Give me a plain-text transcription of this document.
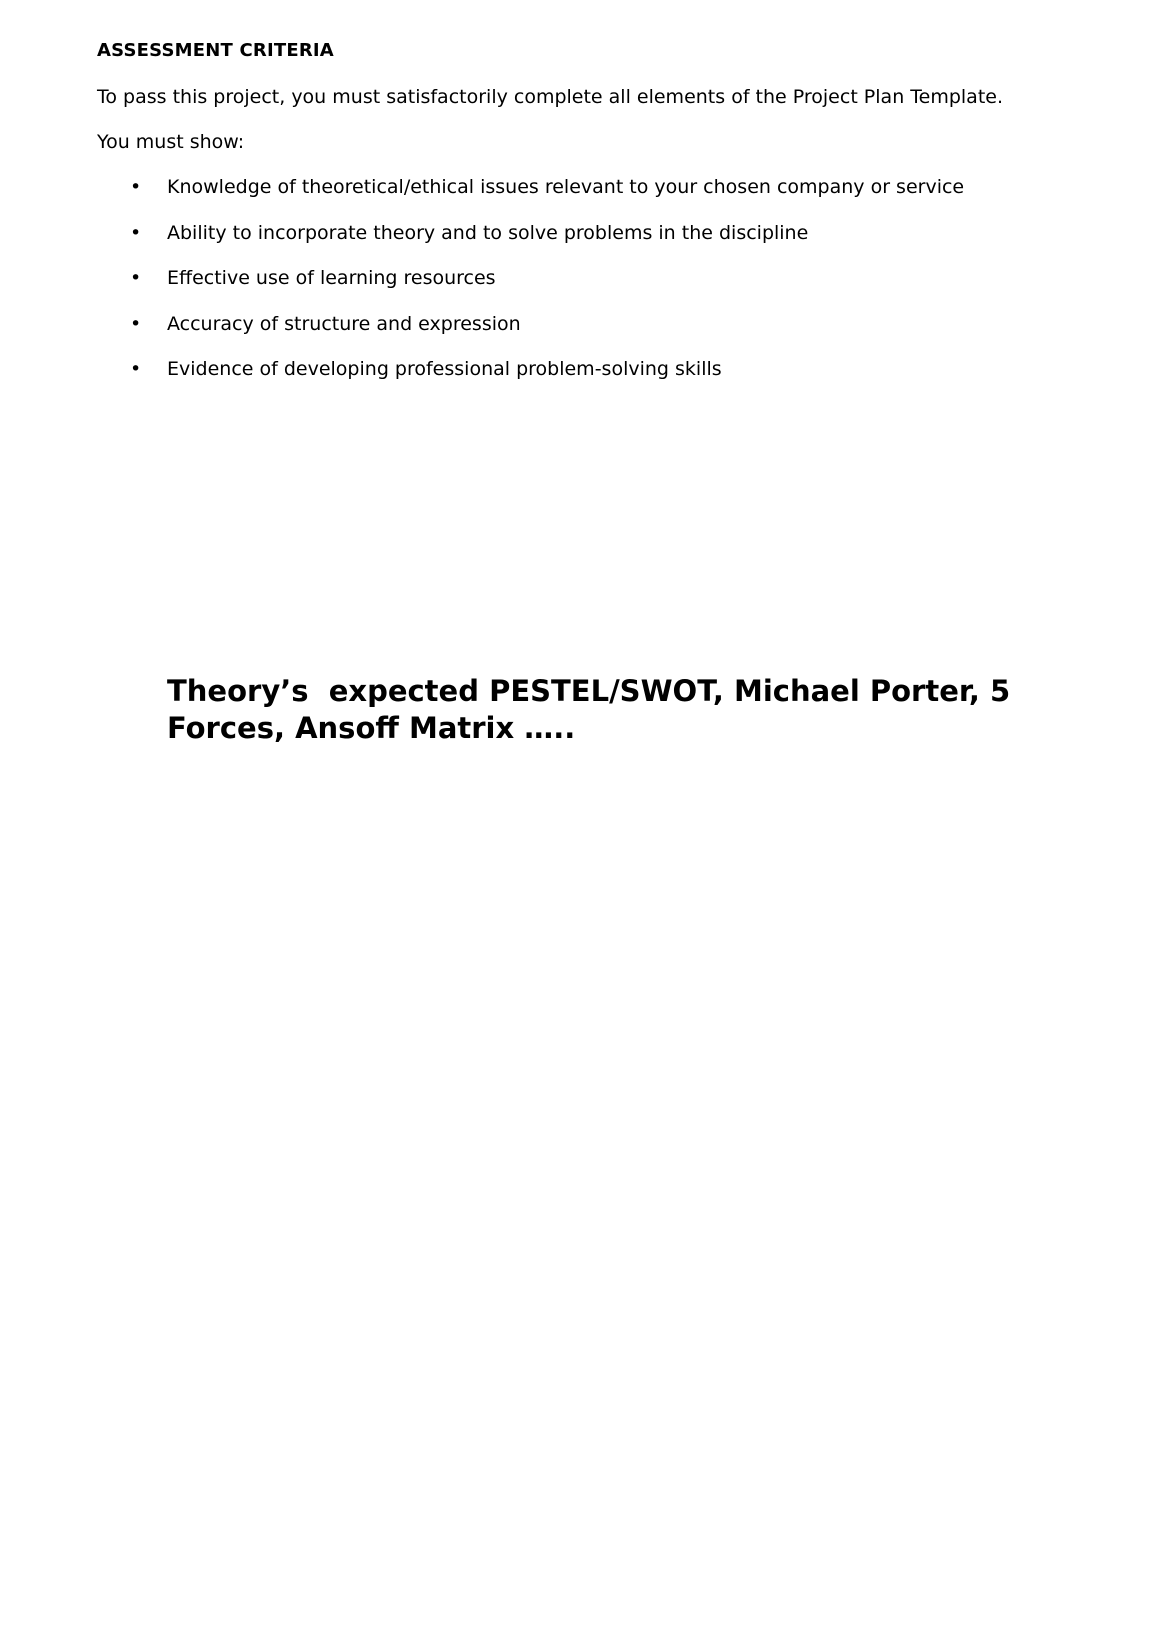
ASSESSMENT CRITERIA

To pass this project, you must satisfactorily complete all elements of the Project Plan Template.

You must show:

• Knowledge of theoretical/ethical issues relevant to your chosen company or service
• Ability to incorporate theory and to solve problems in the discipline
• Effective use of learning resources
• Accuracy of structure and expression
• Evidence of developing professional problem-solving skills

Theory’s  expected PESTEL/SWOT, Michael Porter, 5 Forces, Ansoff Matrix …..
